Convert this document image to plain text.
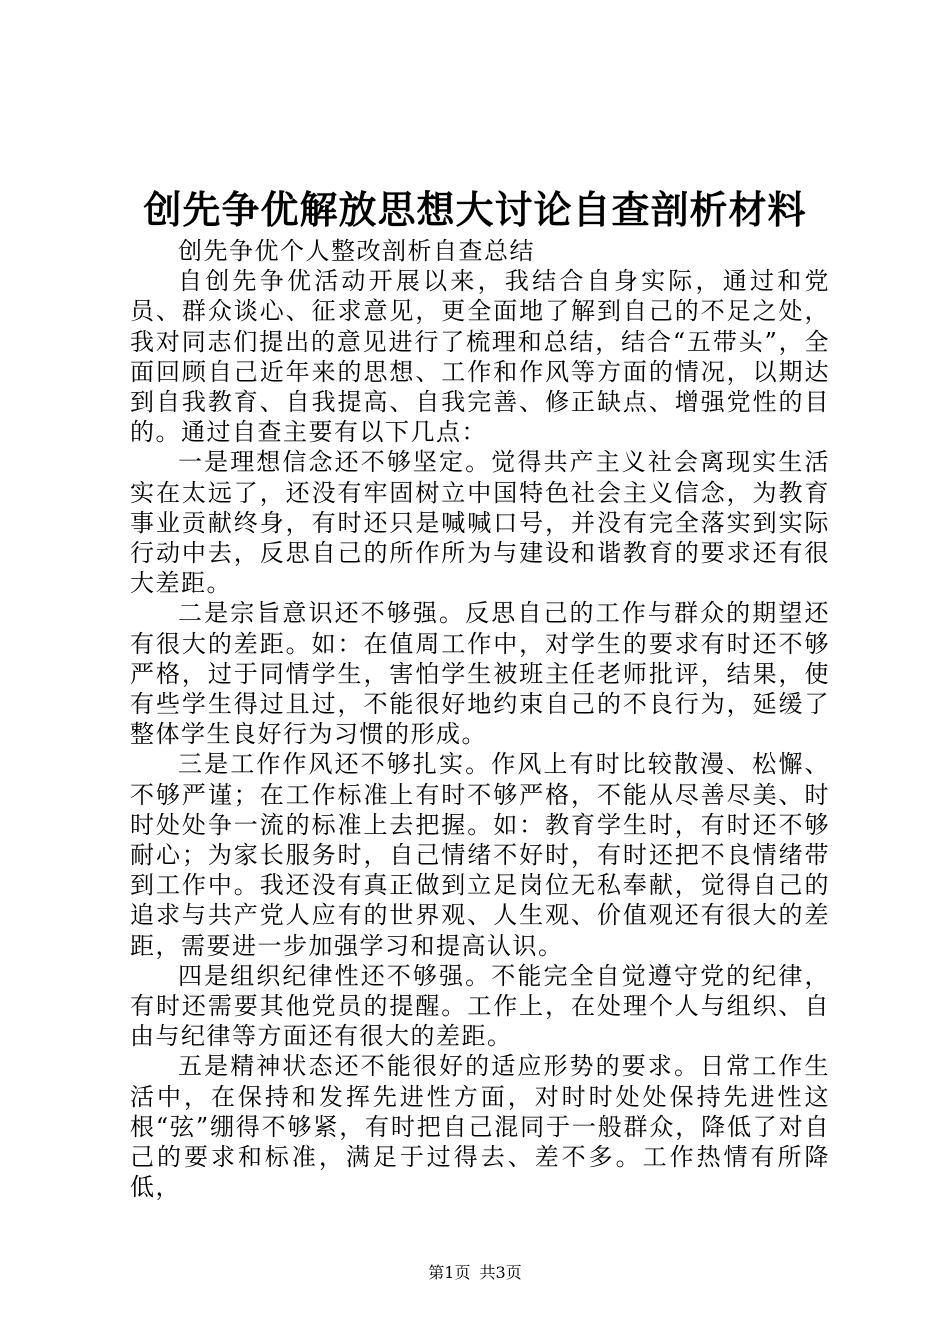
创先争优解放思想大讨论自查剖析材料

创先争优个人整改剖析自查总结

自创先争优活动开展以来，我结合自身实际，通过和党员、群众谈心、征求意见，更全面地了解到自己的不足之处，我对同志们提出的意见进行了梳理和总结，结合“五带头”，全面回顾自己近年来的思想、工作和作风等方面的情况，以期达到自我教育、自我提高、自我完善、修正缺点、增强党性的目的。通过自查主要有以下几点：

一是理想信念还不够坚定。觉得共产主义社会离现实生活实在太远了，还没有牢固树立中国特色社会主义信念，为教育事业贡献终身，有时还只是喊喊口号，并没有完全落实到实际行动中去，反思自己的所作所为与建设和谐教育的要求还有很大差距。

二是宗旨意识还不够强。反思自己的工作与群众的期望还有很大的差距。如：在值周工作中，对学生的要求有时还不够严格，过于同情学生，害怕学生被班主任老师批评，结果，使有些学生得过且过，不能很好地约束自己的不良行为，延缓了整体学生良好行为习惯的形成。

三是工作作风还不够扎实。作风上有时比较散漫、松懈、不够严谨；在工作标准上有时不够严格，不能从尽善尽美、时时处处争一流的标准上去把握。如：教育学生时，有时还不够耐心；为家长服务时，自己情绪不好时，有时还把不良情绪带到工作中。我还没有真正做到立足岗位无私奉献，觉得自己的追求与共产党人应有的世界观、人生观、价值观还有很大的差距，需要进一步加强学习和提高认识。

四是组织纪律性还不够强。不能完全自觉遵守党的纪律，有时还需要其他党员的提醒。工作上，在处理个人与组织、自由与纪律等方面还有很大的差距。

五是精神状态还不能很好的适应形势的要求。日常工作生活中，在保持和发挥先进性方面，对时时处处保持先进性这根“弦”绷得不够紧，有时把自己混同于一般群众，降低了对自己的要求和标准，满足于过得去、差不多。工作热情有所降低，

第1页 共3页
